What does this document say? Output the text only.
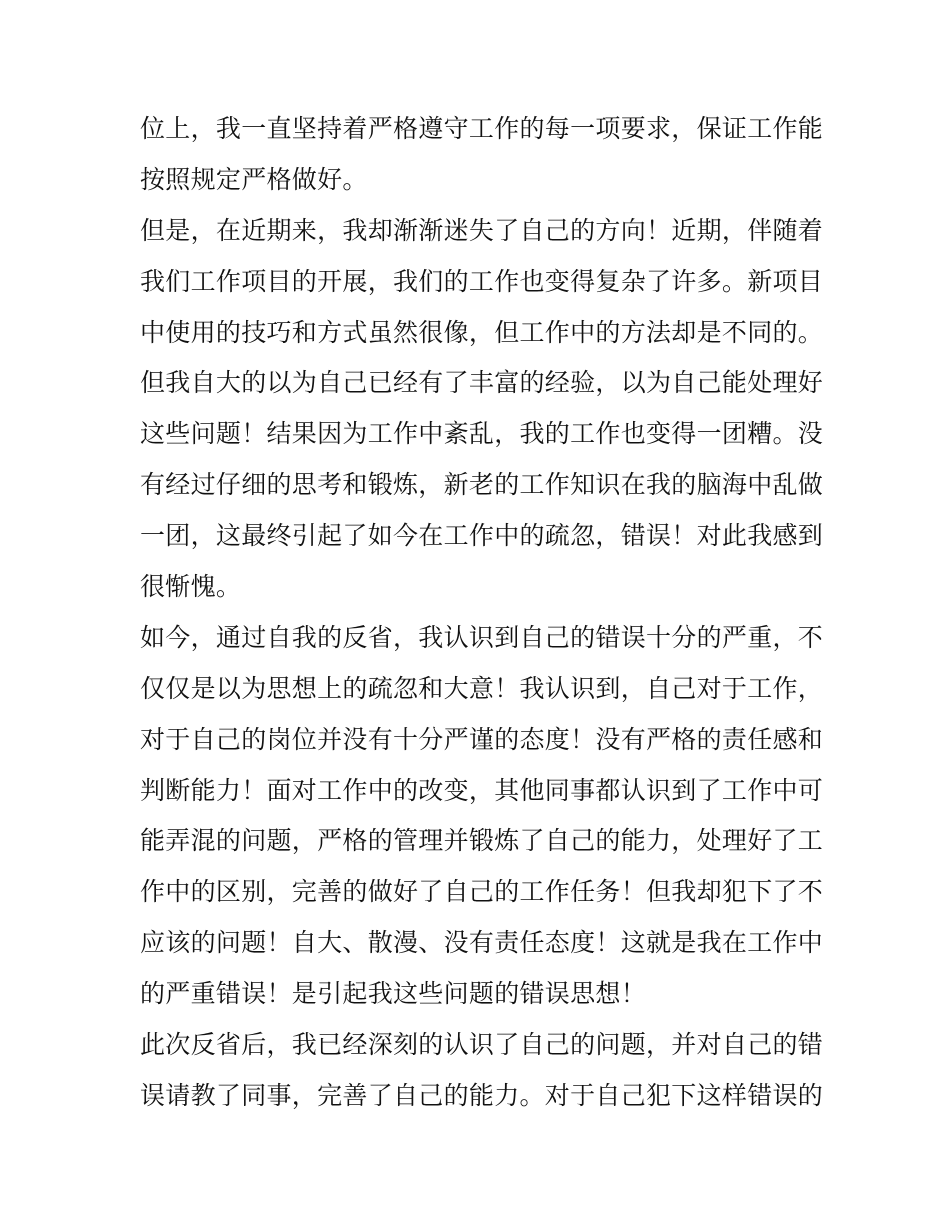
位上，我一直坚持着严格遵守工作的每一项要求，保证工作能
按照规定严格做好。
但是，在近期来，我却渐渐迷失了自己的方向！近期，伴随着
我们工作项目的开展，我们的工作也变得复杂了许多。新项目
中使用的技巧和方式虽然很像，但工作中的方法却是不同的。
但我自大的以为自己已经有了丰富的经验，以为自己能处理好
这些问题！结果因为工作中紊乱，我的工作也变得一团糟。没
有经过仔细的思考和锻炼，新老的工作知识在我的脑海中乱做
一团，这最终引起了如今在工作中的疏忽，错误！对此我感到
很惭愧。
如今，通过自我的反省，我认识到自己的错误十分的严重，不
仅仅是以为思想上的疏忽和大意！我认识到，自己对于工作，
对于自己的岗位并没有十分严谨的态度！没有严格的责任感和
判断能力！面对工作中的改变，其他同事都认识到了工作中可
能弄混的问题，严格的管理并锻炼了自己的能力，处理好了工
作中的区别，完善的做好了自己的工作任务！但我却犯下了不
应该的问题！自大、散漫、没有责任态度！这就是我在工作中
的严重错误！是引起我这些问题的错误思想！
此次反省后，我已经深刻的认识了自己的问题，并对自己的错
误请教了同事，完善了自己的能力。对于自己犯下这样错误的
